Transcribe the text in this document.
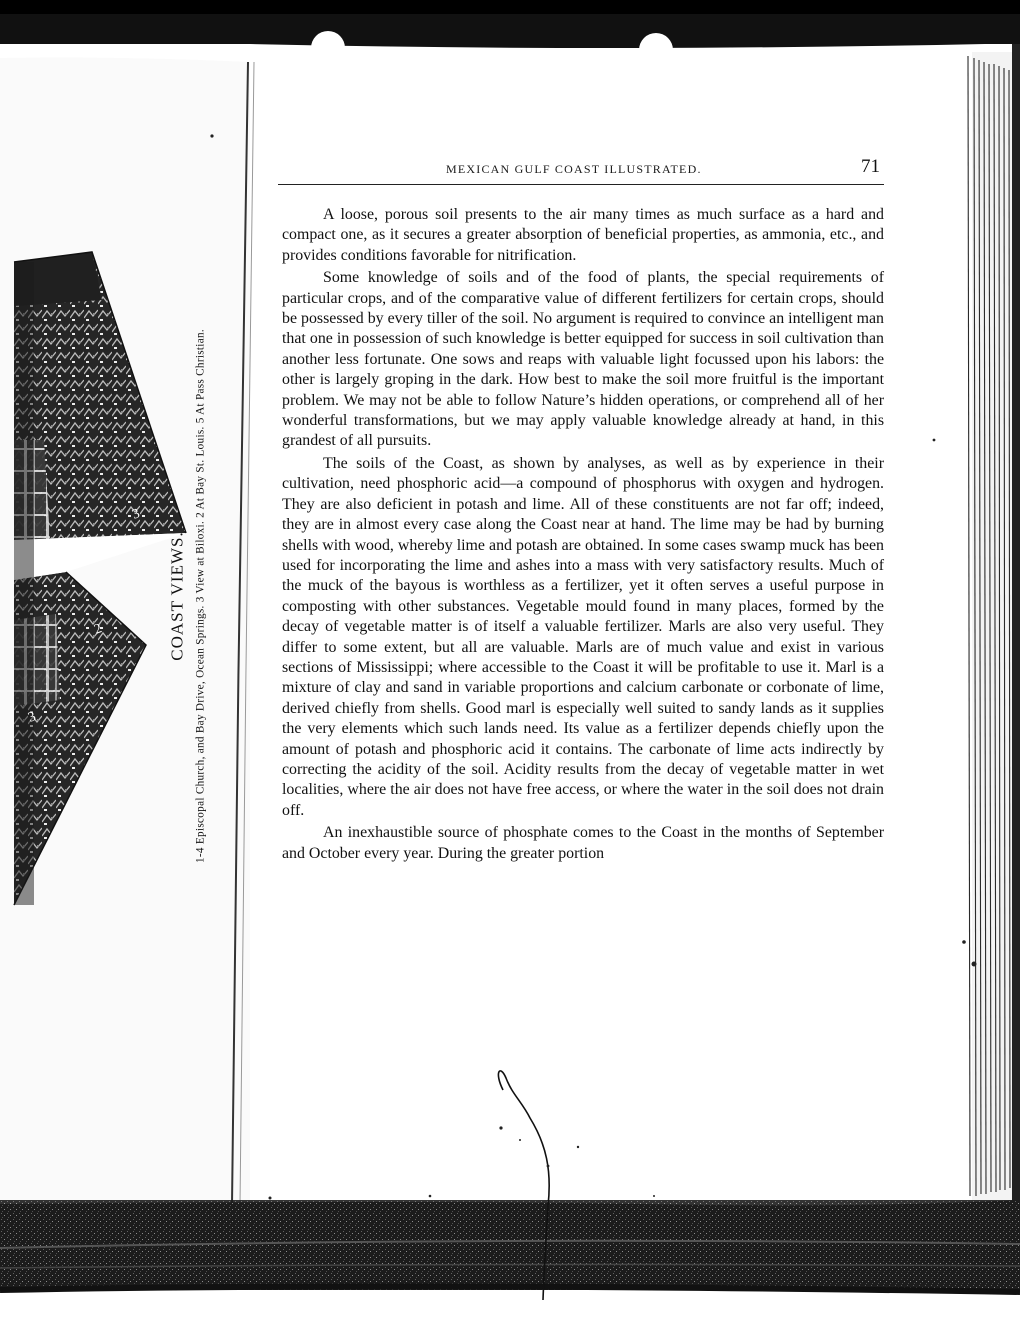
3
2
3
COAST VIEWS. 1-4 Episcopal Church, and Bay Drive, Ocean Springs. 3 View at Biloxi. 2 At Bay St. Louis. 5 At Pass Christian.
MEXICAN GULF COAST ILLUSTRATED.	71

A loose, porous soil presents to the air many times as much surface as a hard and compact one, as it secures a greater absorption of beneficial properties, as ammonia, etc., and provides conditions favorable for nitrification.

Some knowledge of soils and of the food of plants, the special requirements of particular crops, and of the comparative value of different fertilizers for certain crops, should be possessed by every tiller of the soil. No argument is required to convince an intelligent man that one in possession of such knowledge is better equipped for success in soil cultivation than another less fortunate. One sows and reaps with valuable light focussed upon his labors: the other is largely groping in the dark. How best to make the soil more fruitful is the important problem. We may not be able to follow Nature’s hidden operations, or comprehend all of her wonderful transformations, but we may apply valuable knowledge already at hand, in this grandest of all pursuits.

The soils of the Coast, as shown by analyses, as well as by experience in their cultivation, need phosphoric acid—a compound of phosphorus with oxygen and hydrogen. They are also deficient in potash and lime. All of these constituents are not far off; indeed, they are in almost every case along the Coast near at hand. The lime may be had by burning shells with wood, whereby lime and potash are obtained. In some cases swamp muck has been used for incorporating the lime and ashes into a mass with very satisfactory results. Much of the muck of the bayous is worthless as a fertilizer, yet it often serves a useful purpose in composting with other substances. Vegetable mould found in many places, formed by the decay of vegetable matter is of itself a valuable fertilizer. Marls are also very useful. They differ to some extent, but all are valuable. Marls are of much value and exist in various sections of Mississippi; where accessible to the Coast it will be profitable to use it. Marl is a mixture of clay and sand in variable proportions and calcium carbonate or corbonate of lime, derived chiefly from shells. Good marl is especially well suited to sandy lands as it supplies the very elements which such lands need. Its value as a fertilizer depends chiefly upon the amount of potash and phosphoric acid it contains. The carbonate of lime acts indirectly by correcting the acidity of the soil. Acidity results from the decay of vegetable matter in wet localities, where the air does not have free access, or where the water in the soil does not drain off.

An inexhaustible source of phosphate comes to the Coast in the months of September and October every year. During the greater portion
